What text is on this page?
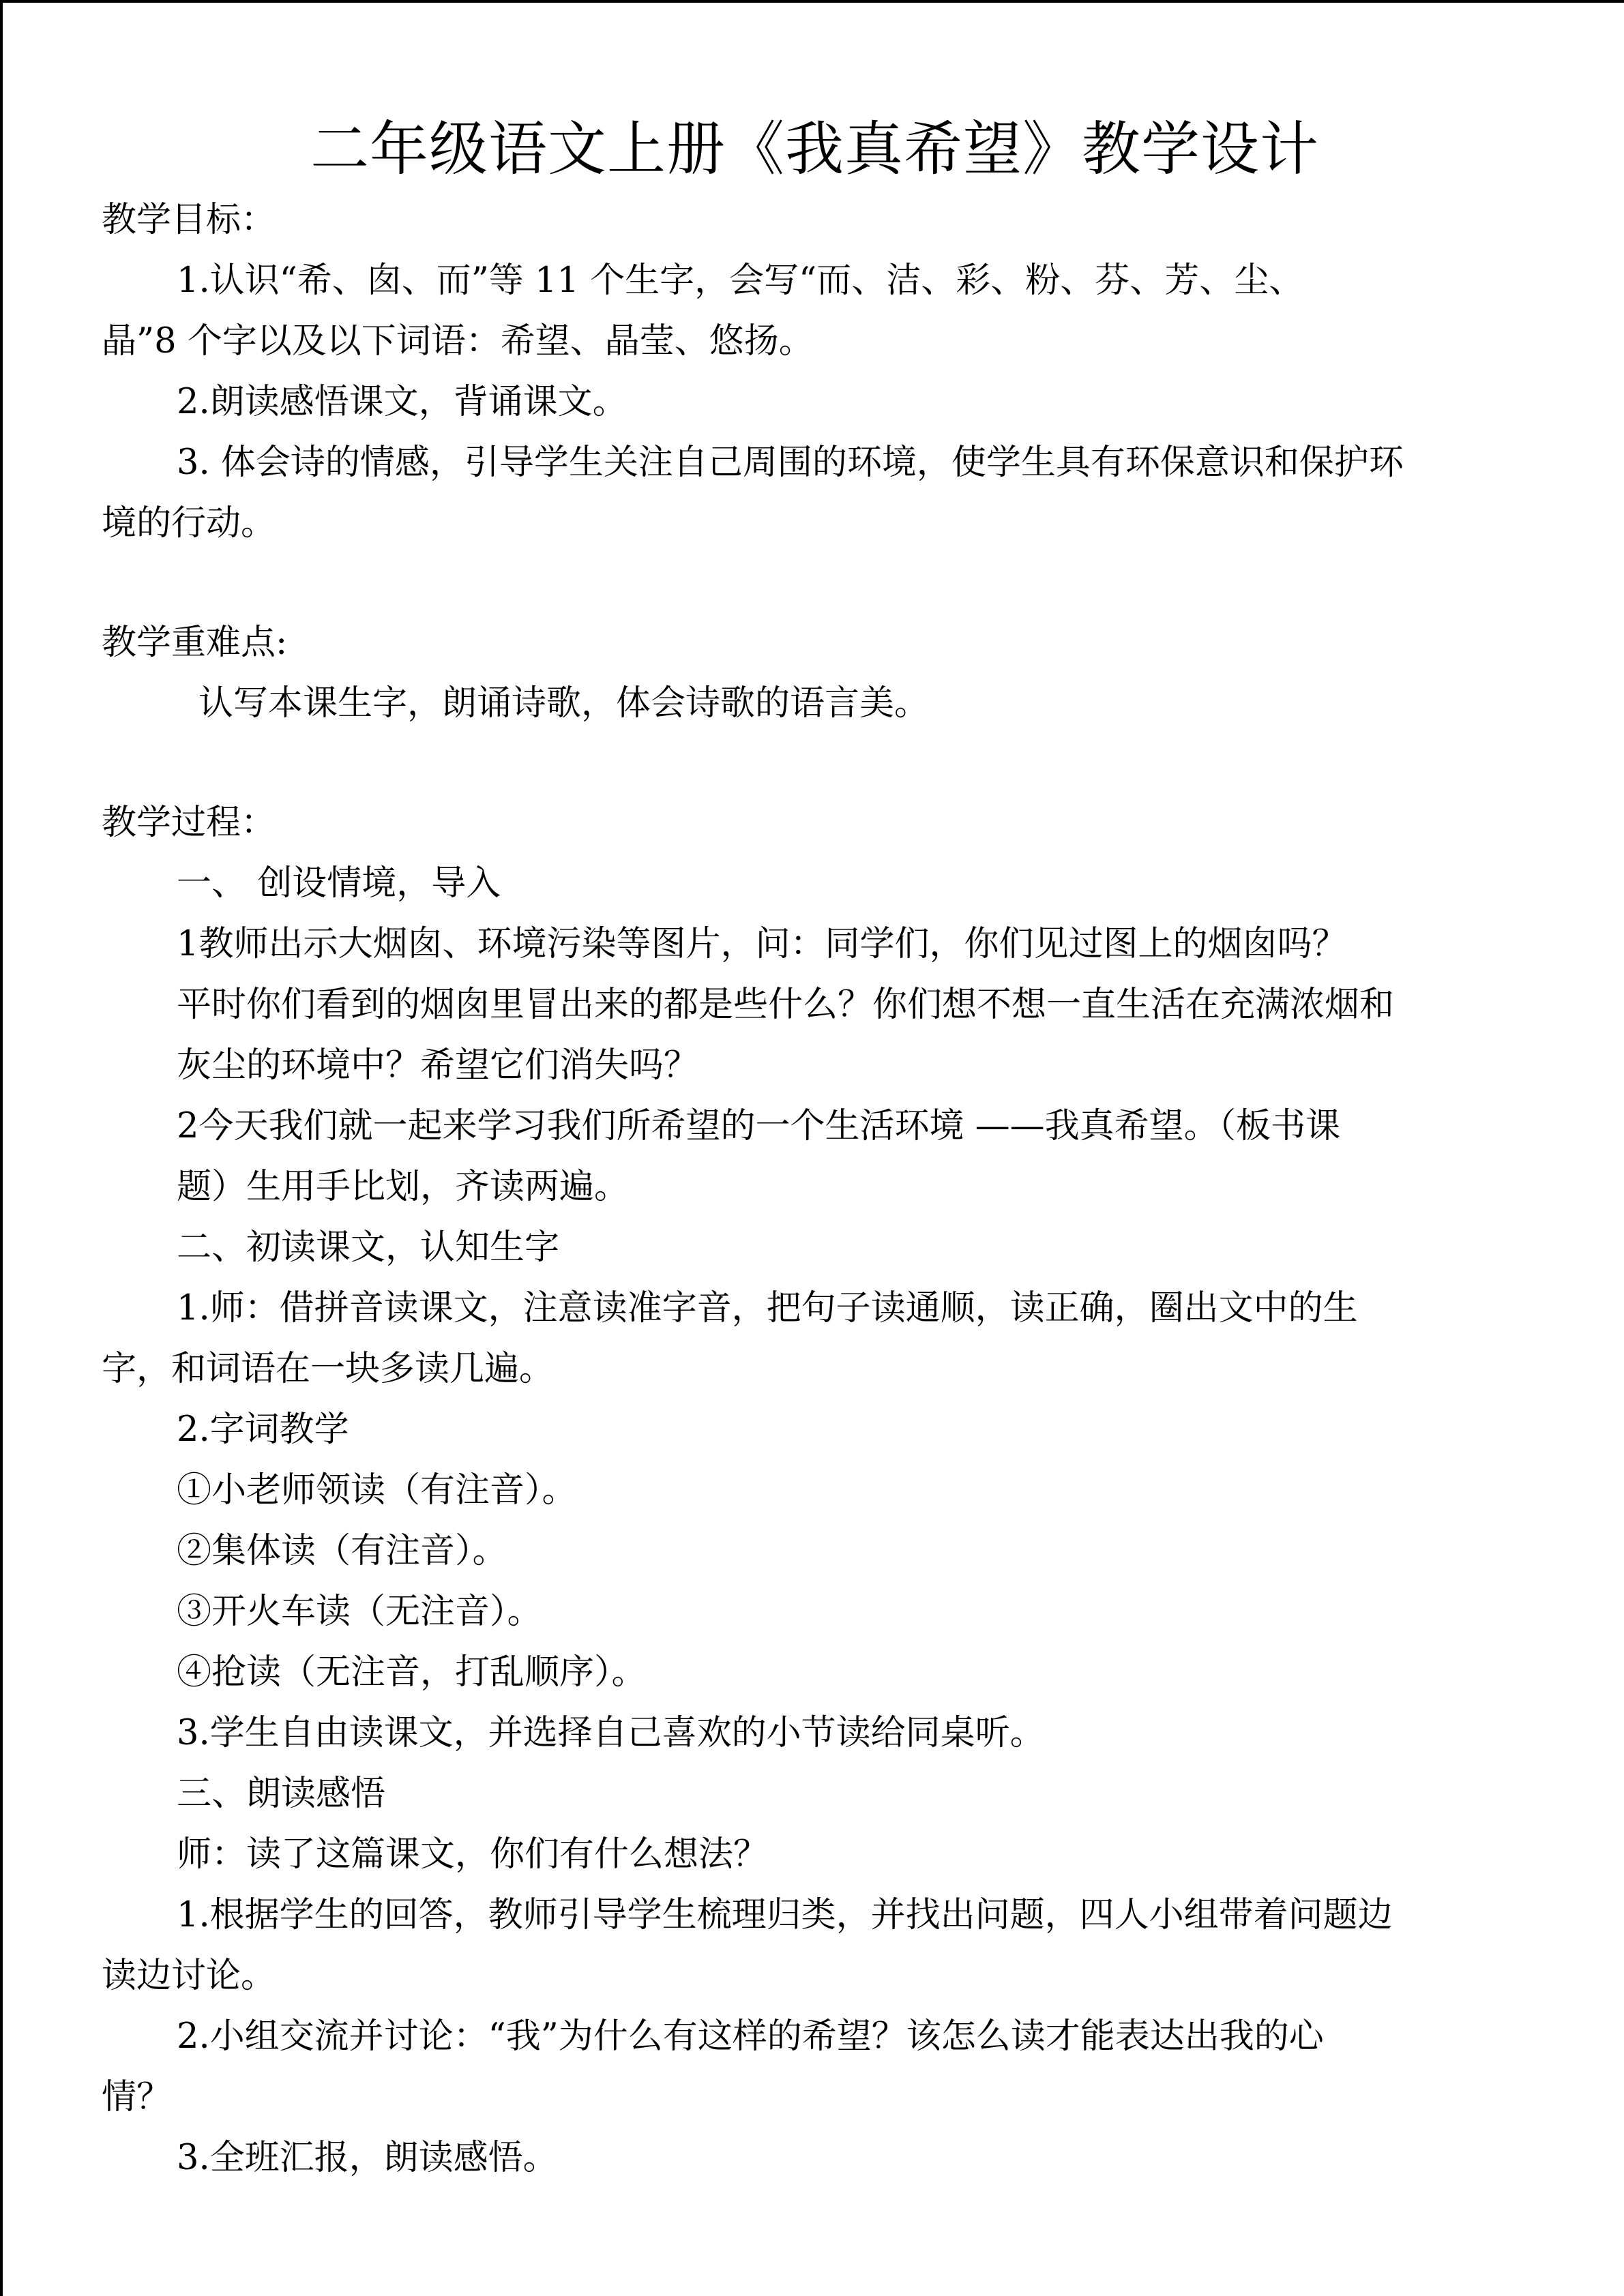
二年级语文上册《我真希望》教学设计
教学目标：
1.认识“希、囱、而”等 11 个生字，会写“而、洁、彩、粉、芬、芳、尘、
晶”8 个字以及以下词语：希望、晶莹、悠扬。
2.朗读感悟课文，背诵课文。
3. 体会诗的情感，引导学生关注自己周围的环境，使学生具有环保意识和保护环
境的行动。
教学重难点:
认写本课生字，朗诵诗歌，体会诗歌的语言美。
教学过程：
一、 创设情境，导入
1教师出示大烟囱、环境污染等图片，问：同学们，你们见过图上的烟囱吗？
平时你们看到的烟囱里冒出来的都是些什么？你们想不想一直生活在充满浓烟和
灰尘的环境中？希望它们消失吗？
2今天我们就一起来学习我们所希望的一个生活环境 ——我真希望。（板书课
题）生用手比划，齐读两遍。
二、初读课文，认知生字
1.师：借拼音读课文，注意读准字音，把句子读通顺，读正确，圈出文中的生
字，和词语在一块多读几遍。
2.字词教学
①小老师领读（有注音）。
②集体读（有注音）。
③开火车读（无注音）。
④抢读（无注音，打乱顺序）。
3.学生自由读课文，并选择自己喜欢的小节读给同桌听。
三、朗读感悟
师：读了这篇课文，你们有什么想法？
1.根据学生的回答，教师引导学生梳理归类，并找出问题，四人小组带着问题边
读边讨论。
2.小组交流并讨论：“我”为什么有这样的希望？该怎么读才能表达出我的心
情？
3.全班汇报，朗读感悟。
